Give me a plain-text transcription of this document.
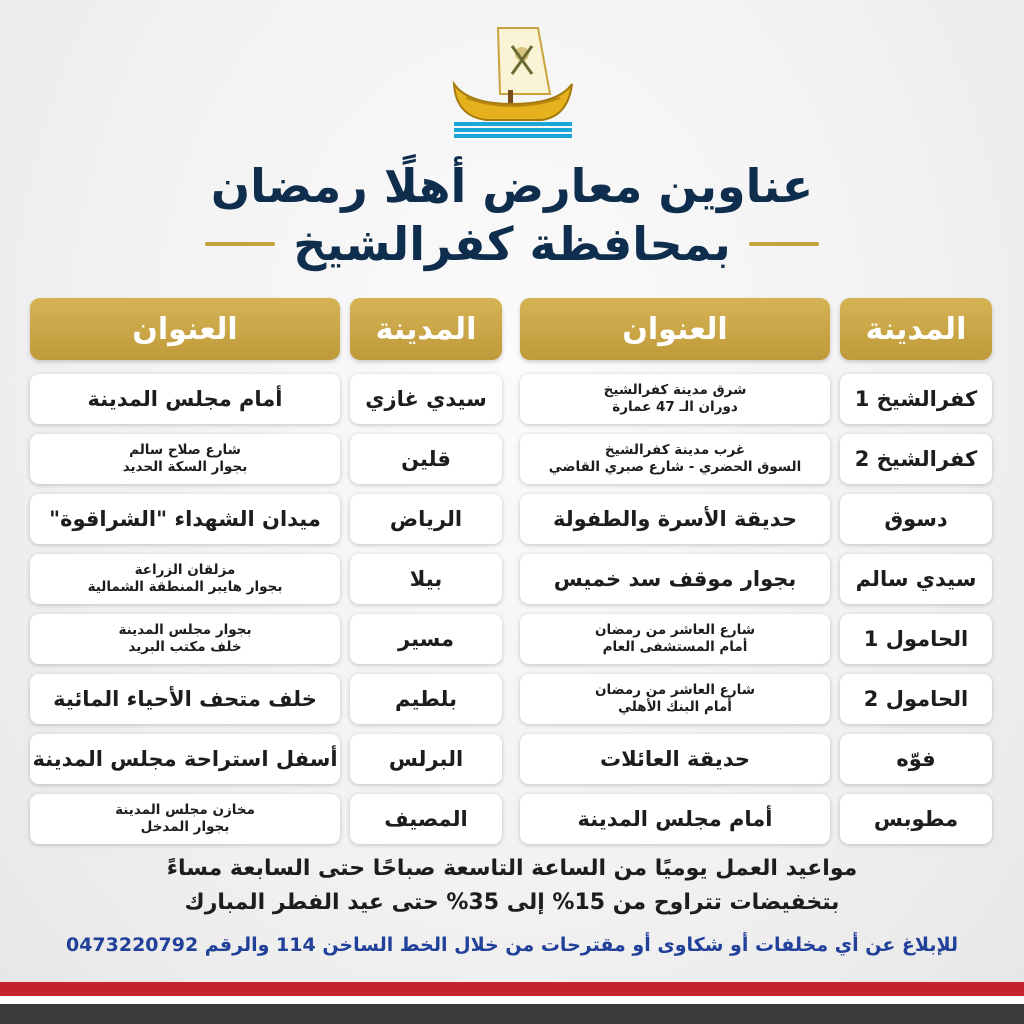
عناوين معارض أهلًا رمضان
بمحافظة كفرالشيخ
المدينة
العنوان
كفرالشيخ 1
شرق مدينة كفرالشيخ
دوران الـ 47 عمارة
كفرالشيخ 2
غرب مدينة كفرالشيخ
السوق الحضري - شارع صبري القاضي
دسوق
حديقة الأسرة والطفولة
سيدي سالم
بجوار موقف سد خميس
الحامول 1
شارع العاشر من رمضان
أمام المستشفى العام
الحامول 2
شارع العاشر من رمضان
أمام البنك الأهلي
فوّه
حديقة العائلات
مطوبس
أمام مجلس المدينة
المدينة
العنوان
سيدي غازي
أمام مجلس المدينة
قلين
شارع صلاح سالم
بجوار السكة الحديد
الرياض
ميدان الشهداء "الشراقوة"
بيلا
مزلقان الزراعة
بجوار هايبر المنطقة الشمالية
مسير
بجوار مجلس المدينة
خلف مكتب البريد
بلطيم
خلف متحف الأحياء المائية
البرلس
أسفل استراحة مجلس المدينة
المصيف
مخازن مجلس المدينة
بجوار المدخل
مواعيد العمل يوميًا من الساعة التاسعة صباحًا حتى السابعة مساءً
بتخفيضات تتراوح من 15% إلى 35% حتى عيد الفطر المبارك
للإبلاغ عن أي مخلفات أو شكاوى أو مقترحات من خلال الخط الساخن 114 والرقم 0473220792
